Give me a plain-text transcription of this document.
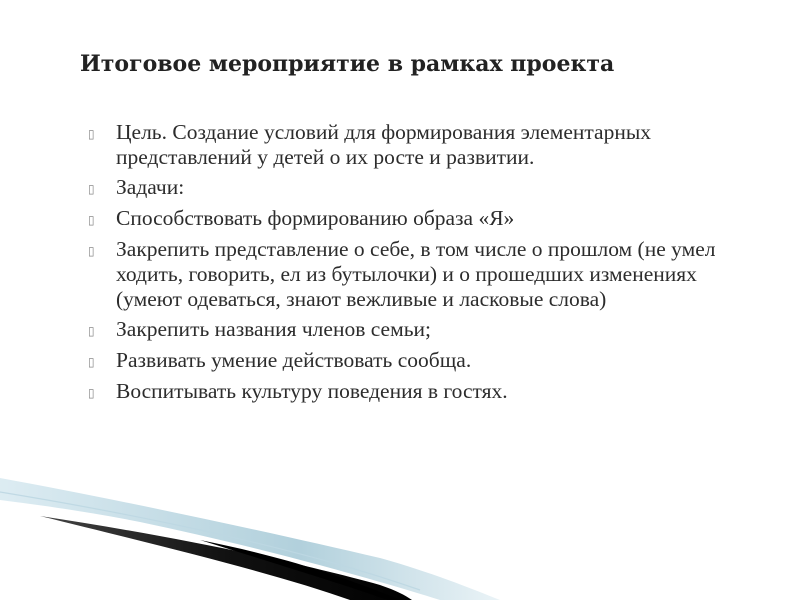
Итоговое мероприятие в рамках проекта
▯ Цель. Создание условий для формирования элементарных представлений у детей о их росте и развитии.
▯ Задачи:
▯ Способствовать формированию образа «Я»
▯ Закрепить представление о себе, в том числе о прошлом (не умел ходить, говорить, ел из бутылочки) и о прошедших изменениях (умеют одеваться, знают вежливые и ласковые слова)
▯ Закрепить названия членов семьи;
▯ Развивать умение действовать сообща.
▯ Воспитывать культуру поведения в гостях.
